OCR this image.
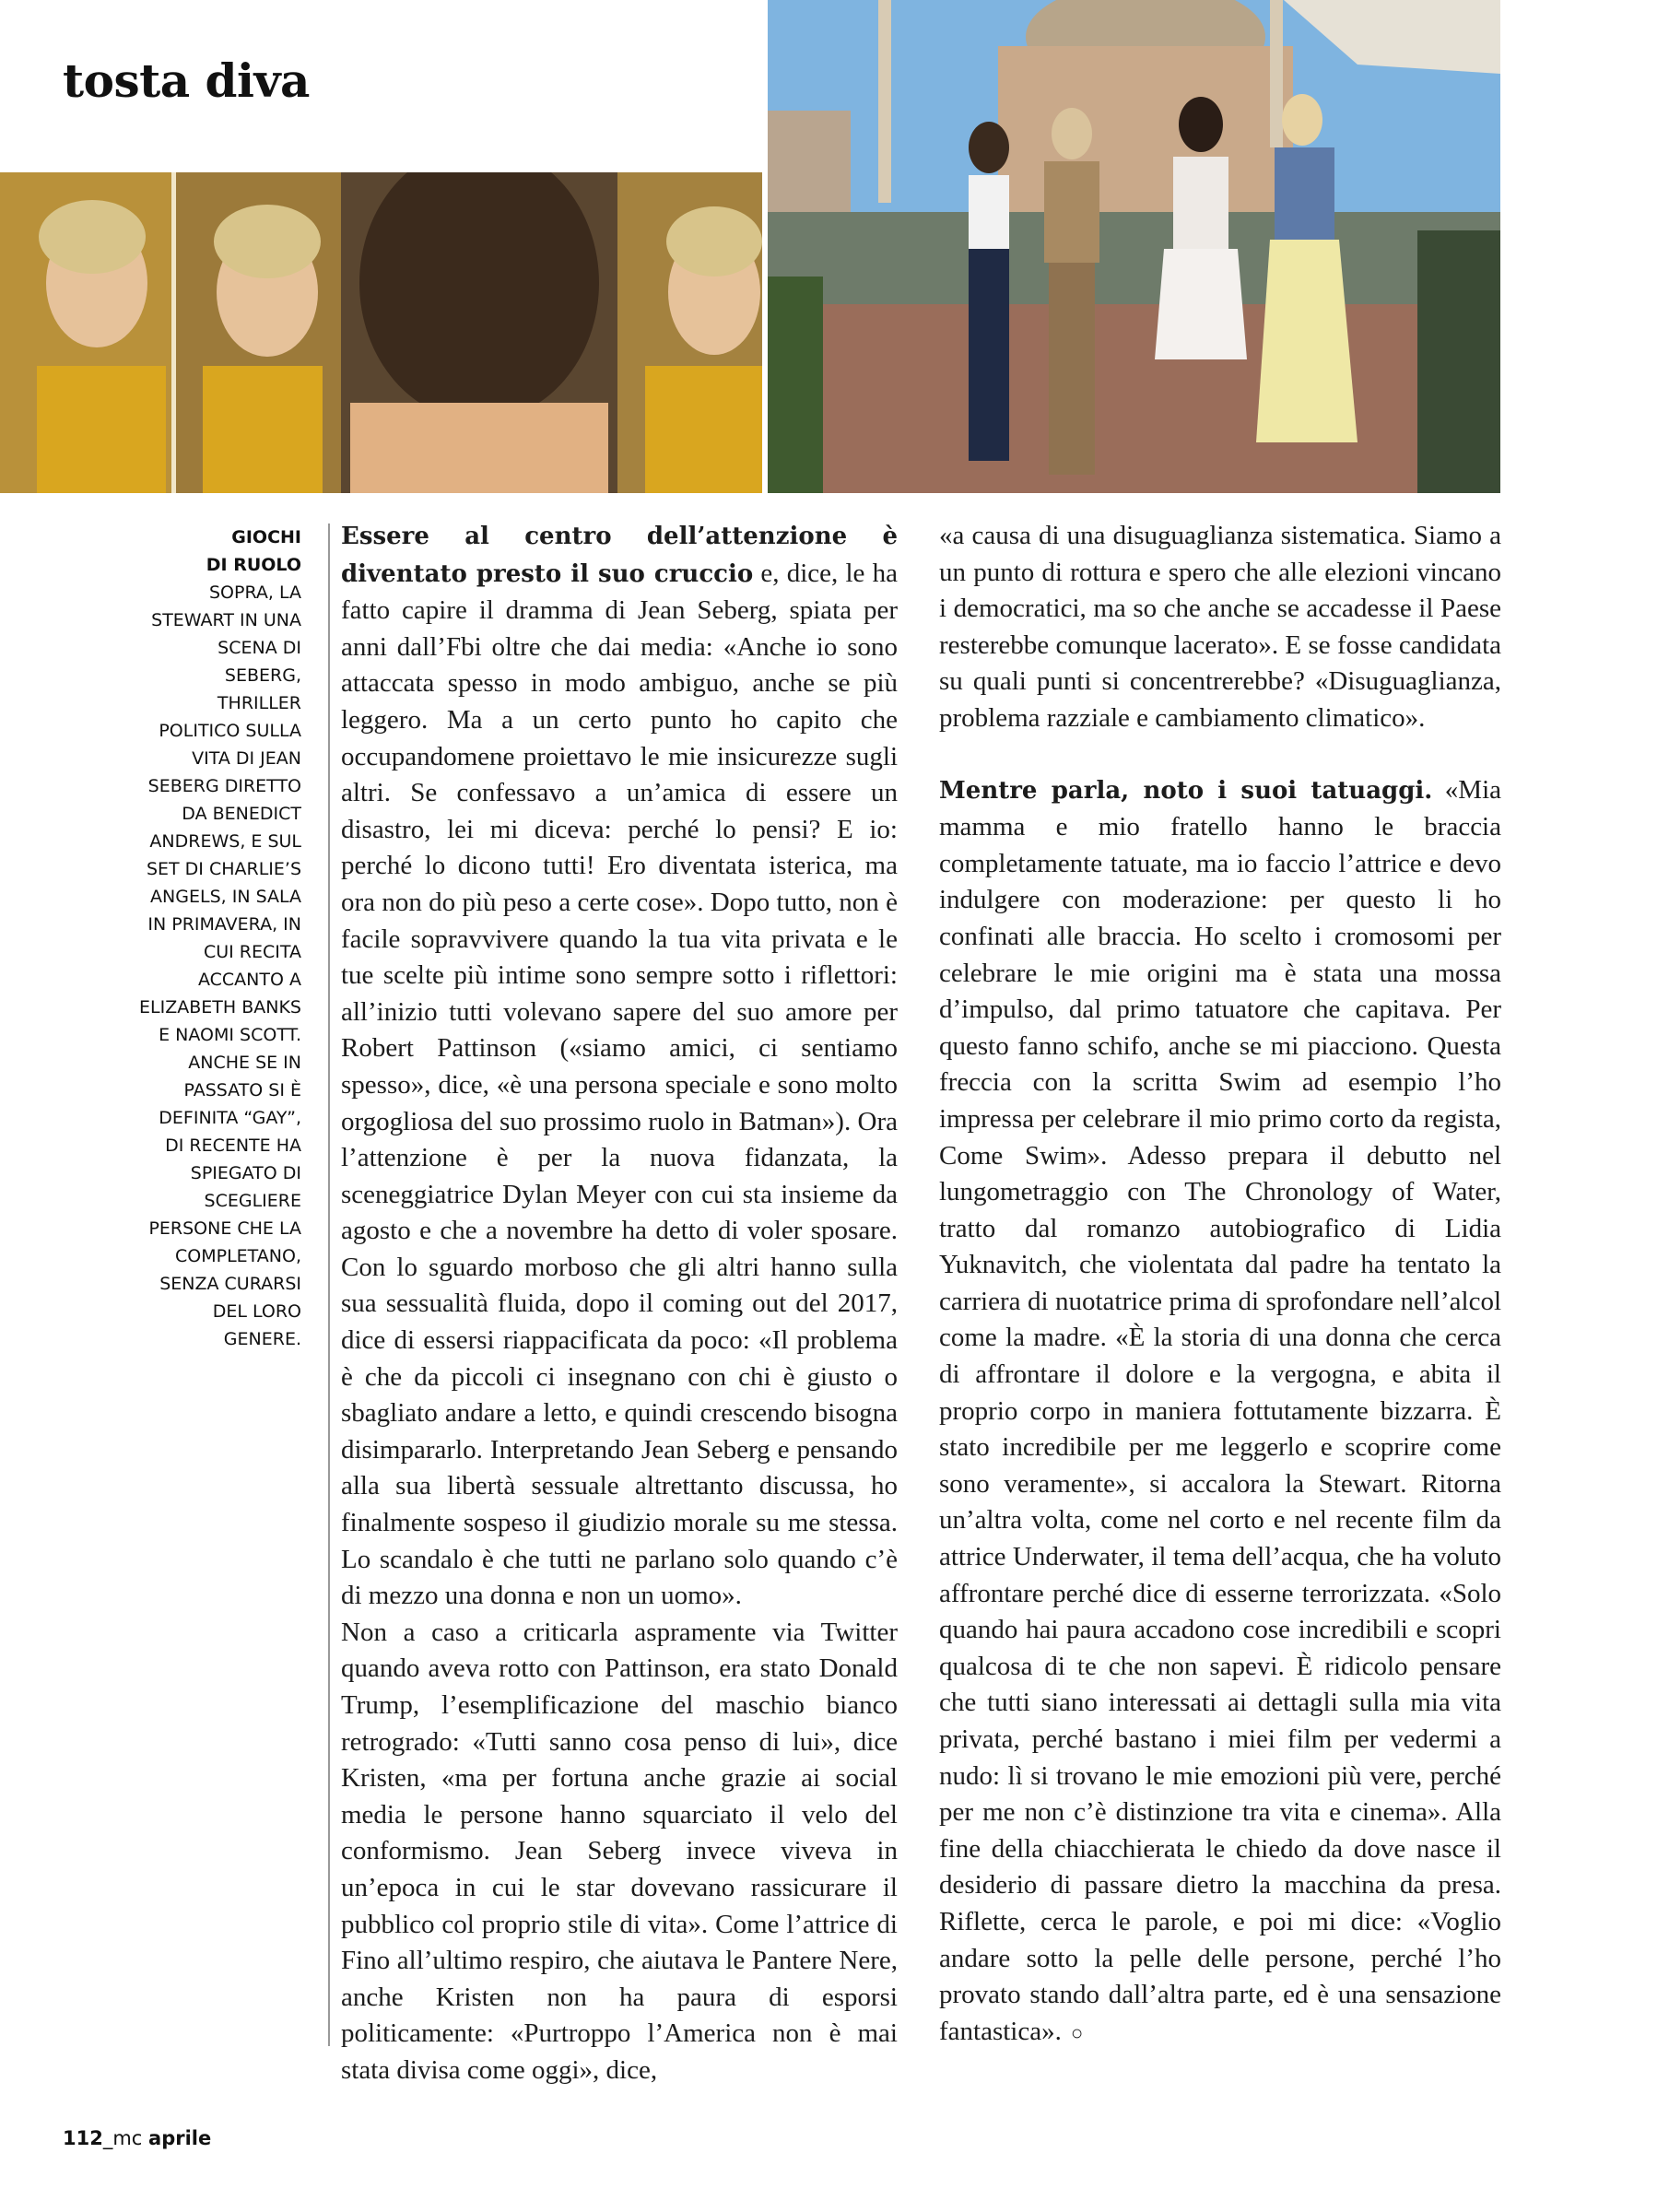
tosta diva

GIOCHI

DI RUOLO

SOPRA, LA STEWART IN UNA SCENA DI SEBERG, THRILLER POLITICO SULLA VITA DI JEAN SEBERG DIRETTO DA BENEDICT ANDREWS, E SUL SET DI CHARLIE’S ANGELS, IN SALA IN PRIMAVERA, IN CUI RECITA ACCANTO A ELIZABETH BANKS E NAOMI SCOTT. ANCHE SE IN PASSATO SI È DEFINITA “GAY”, DI RECENTE HA SPIEGATO DI SCEGLIERE PERSONE CHE LA COMPLETANO, SENZA CURARSI DEL LORO GENERE.

Essere al centro dell’attenzione è diventato presto il suo cruccio e, dice, le ha fatto capire il dramma di Jean Seberg, spiata per anni dall’Fbi oltre che dai media: «Anche io sono attaccata spesso in modo ambiguo, anche se più leggero. Ma a un certo punto ho capito che occupandomene proiettavo le mie insicurezze sugli altri. Se confessavo a un’amica di essere un disastro, lei mi diceva: perché lo pensi? E io: perché lo dicono tutti! Ero diventata isterica, ma ora non do più peso a certe cose». Dopo tutto, non è facile sopravvivere quando la tua vita privata e le tue scelte più intime sono sempre sotto i riflettori: all’inizio tutti volevano sapere del suo amore per Robert Pattinson («siamo amici, ci sentiamo spesso», dice, «è una persona speciale e sono molto orgogliosa del suo prossimo ruolo in Batman»). Ora l’attenzione è per la nuova fidanzata, la sceneggiatrice Dylan Meyer con cui sta insieme da agosto e che a novembre ha detto di voler sposare. Con lo sguardo morboso che gli altri hanno sulla sua sessualità fluida, dopo il coming out del 2017, dice di essersi riappacificata da poco: «Il problema è che da piccoli ci insegnano con chi è giusto o sbagliato andare a letto, e quindi crescendo bisogna disimpararlo. Interpretando Jean Seberg e pensando alla sua libertà sessuale altrettanto discussa, ho finalmente sospeso il giudizio morale su me stessa. Lo scandalo è che tutti ne parlano solo quando c’è di mezzo una donna e non un uomo».

Non a caso a criticarla aspramente via Twitter quando aveva rotto con Pattinson, era stato Donald Trump, l’esemplificazione del maschio bianco retrogrado: «Tutti sanno cosa penso di lui», dice Kristen, «ma per fortuna anche grazie ai social media le persone hanno squarciato il velo del conformismo. Jean Seberg invece viveva in un’epoca in cui le star dovevano rassicurare il pubblico col proprio stile di vita». Come l’attrice di Fino all’ultimo respiro, che aiutava le Pantere Nere, anche Kristen non ha paura di esporsi politicamente: «Purtroppo l’America non è mai stata divisa come oggi», dice,

«a causa di una disuguaglianza sistematica. Siamo a un punto di rottura e spero che alle elezioni vincano i democratici, ma so che anche se accadesse il Paese resterebbe comunque lacerato». E se fosse candidata su quali punti si concentrerebbe? «Disuguaglianza, problema razziale e cambiamento climatico».

Mentre parla, noto i suoi tatuaggi. «Mia mamma e mio fratello hanno le braccia completamente tatuate, ma io faccio l’attrice e devo indulgere con moderazione: per questo li ho confinati alle braccia. Ho scelto i cromosomi per celebrare le mie origini ma è stata una mossa d’impulso, dal primo tatuatore che capitava. Per questo fanno schifo, anche se mi piacciono. Questa freccia con la scritta Swim ad esempio l’ho impressa per celebrare il mio primo corto da regista, Come Swim». Adesso prepara il debutto nel lungometraggio con The Chronology of Water, tratto dal romanzo autobiografico di Lidia Yuknavitch, che violentata dal padre ha tentato la carriera di nuotatrice prima di sprofondare nell’alcol come la madre. «È la storia di una donna che cerca di affrontare il dolore e la vergogna, e abita il proprio corpo in maniera fottutamente bizzarra. È stato incredibile per me leggerlo e scoprire come sono veramente», si accalora la Stewart. Ritorna un’altra volta, come nel corto e nel recente film da attrice Underwater, il tema dell’acqua, che ha voluto affrontare perché dice di esserne terrorizzata. «Solo quando hai paura accadono cose incredibili e scopri qualcosa di te che non sapevi. È ridicolo pensare che tutti siano interessati ai dettagli sulla mia vita privata, perché bastano i miei film per vedermi a nudo: lì si trovano le mie emozioni più vere, perché per me non c’è distinzione tra vita e cinema». Alla fine della chiacchierata le chiedo da dove nasce il desiderio di passare dietro la macchina da presa. Riflette, cerca le parole, e poi mi dice: «Voglio andare sotto la pelle delle persone, perché l’ho provato stando dall’altra parte, ed è una sensazione fantastica». ○

112_mc aprile
